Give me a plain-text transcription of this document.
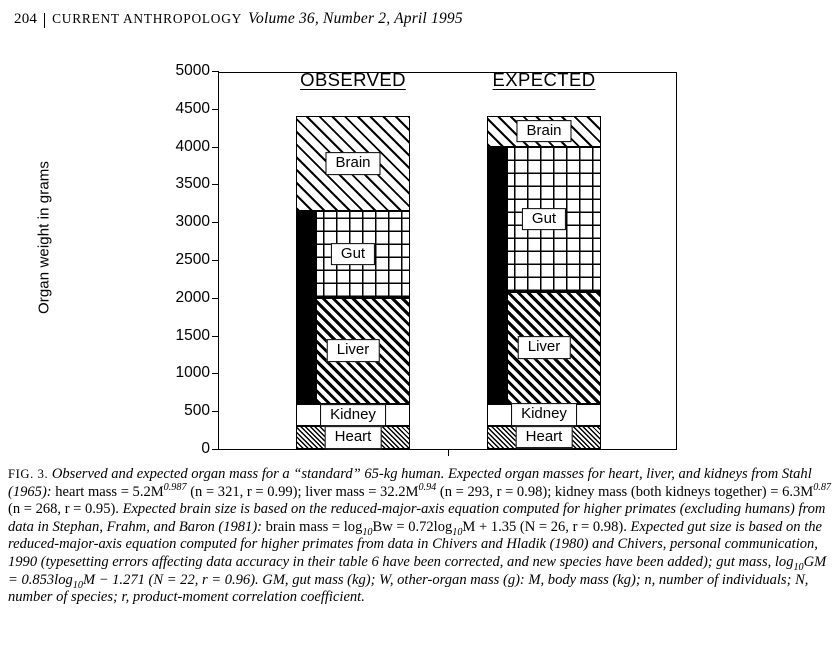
204 CURRENT ANTHROPOLOGY Volume 36, Number 2, April 1995
Organ weight in grams
0
500
1000
1500
2000
2500
3000
3500
4000
4500
5000	OBSERVED	EXPECTED
Heart
Kidney
Liver
Gut
Brain
Heart
Kidney
Liver
Gut
Brain
FIG. 3. Observed and expected organ mass for a “standard” 65-kg human. Expected organ masses for heart, liver, and kidneys from Stahl (1965): heart mass = $5.2M^{0.987}$ (n = 321, r = 0.99); liver mass = $32.2M^{0.94}$ (n = 293, r = 0.98); kidney mass (both kidneys together) = $6.3M^{0.87}$ (n = 268, r = 0.95). Expected brain size is based on the reduced-major-axis equation computed for higher primates (excluding humans) from data in Stephan, Frahm, and Baron (1981): brain mass = $\log_{10}Bw = 0.72\log_{10}M + 1.35$ (N = 26, r = 0.98). Expected gut size is based on the reduced-major-axis equation computed for higher primates from data in Chivers and Hladik (1980) and Chivers, personal communication, 1990 (typesetting errors affecting data accuracy in their table 6 have been corrected, and new species have been added); gut mass, $\log_{10}GM = 0.853\log_{10}M - 1.271$ (N = 22, r = 0.96). GM, gut mass (kg); W, other-organ mass (g): M, body mass (kg); n, number of individuals; N, number of species; r, product-moment correlation coefficient.
